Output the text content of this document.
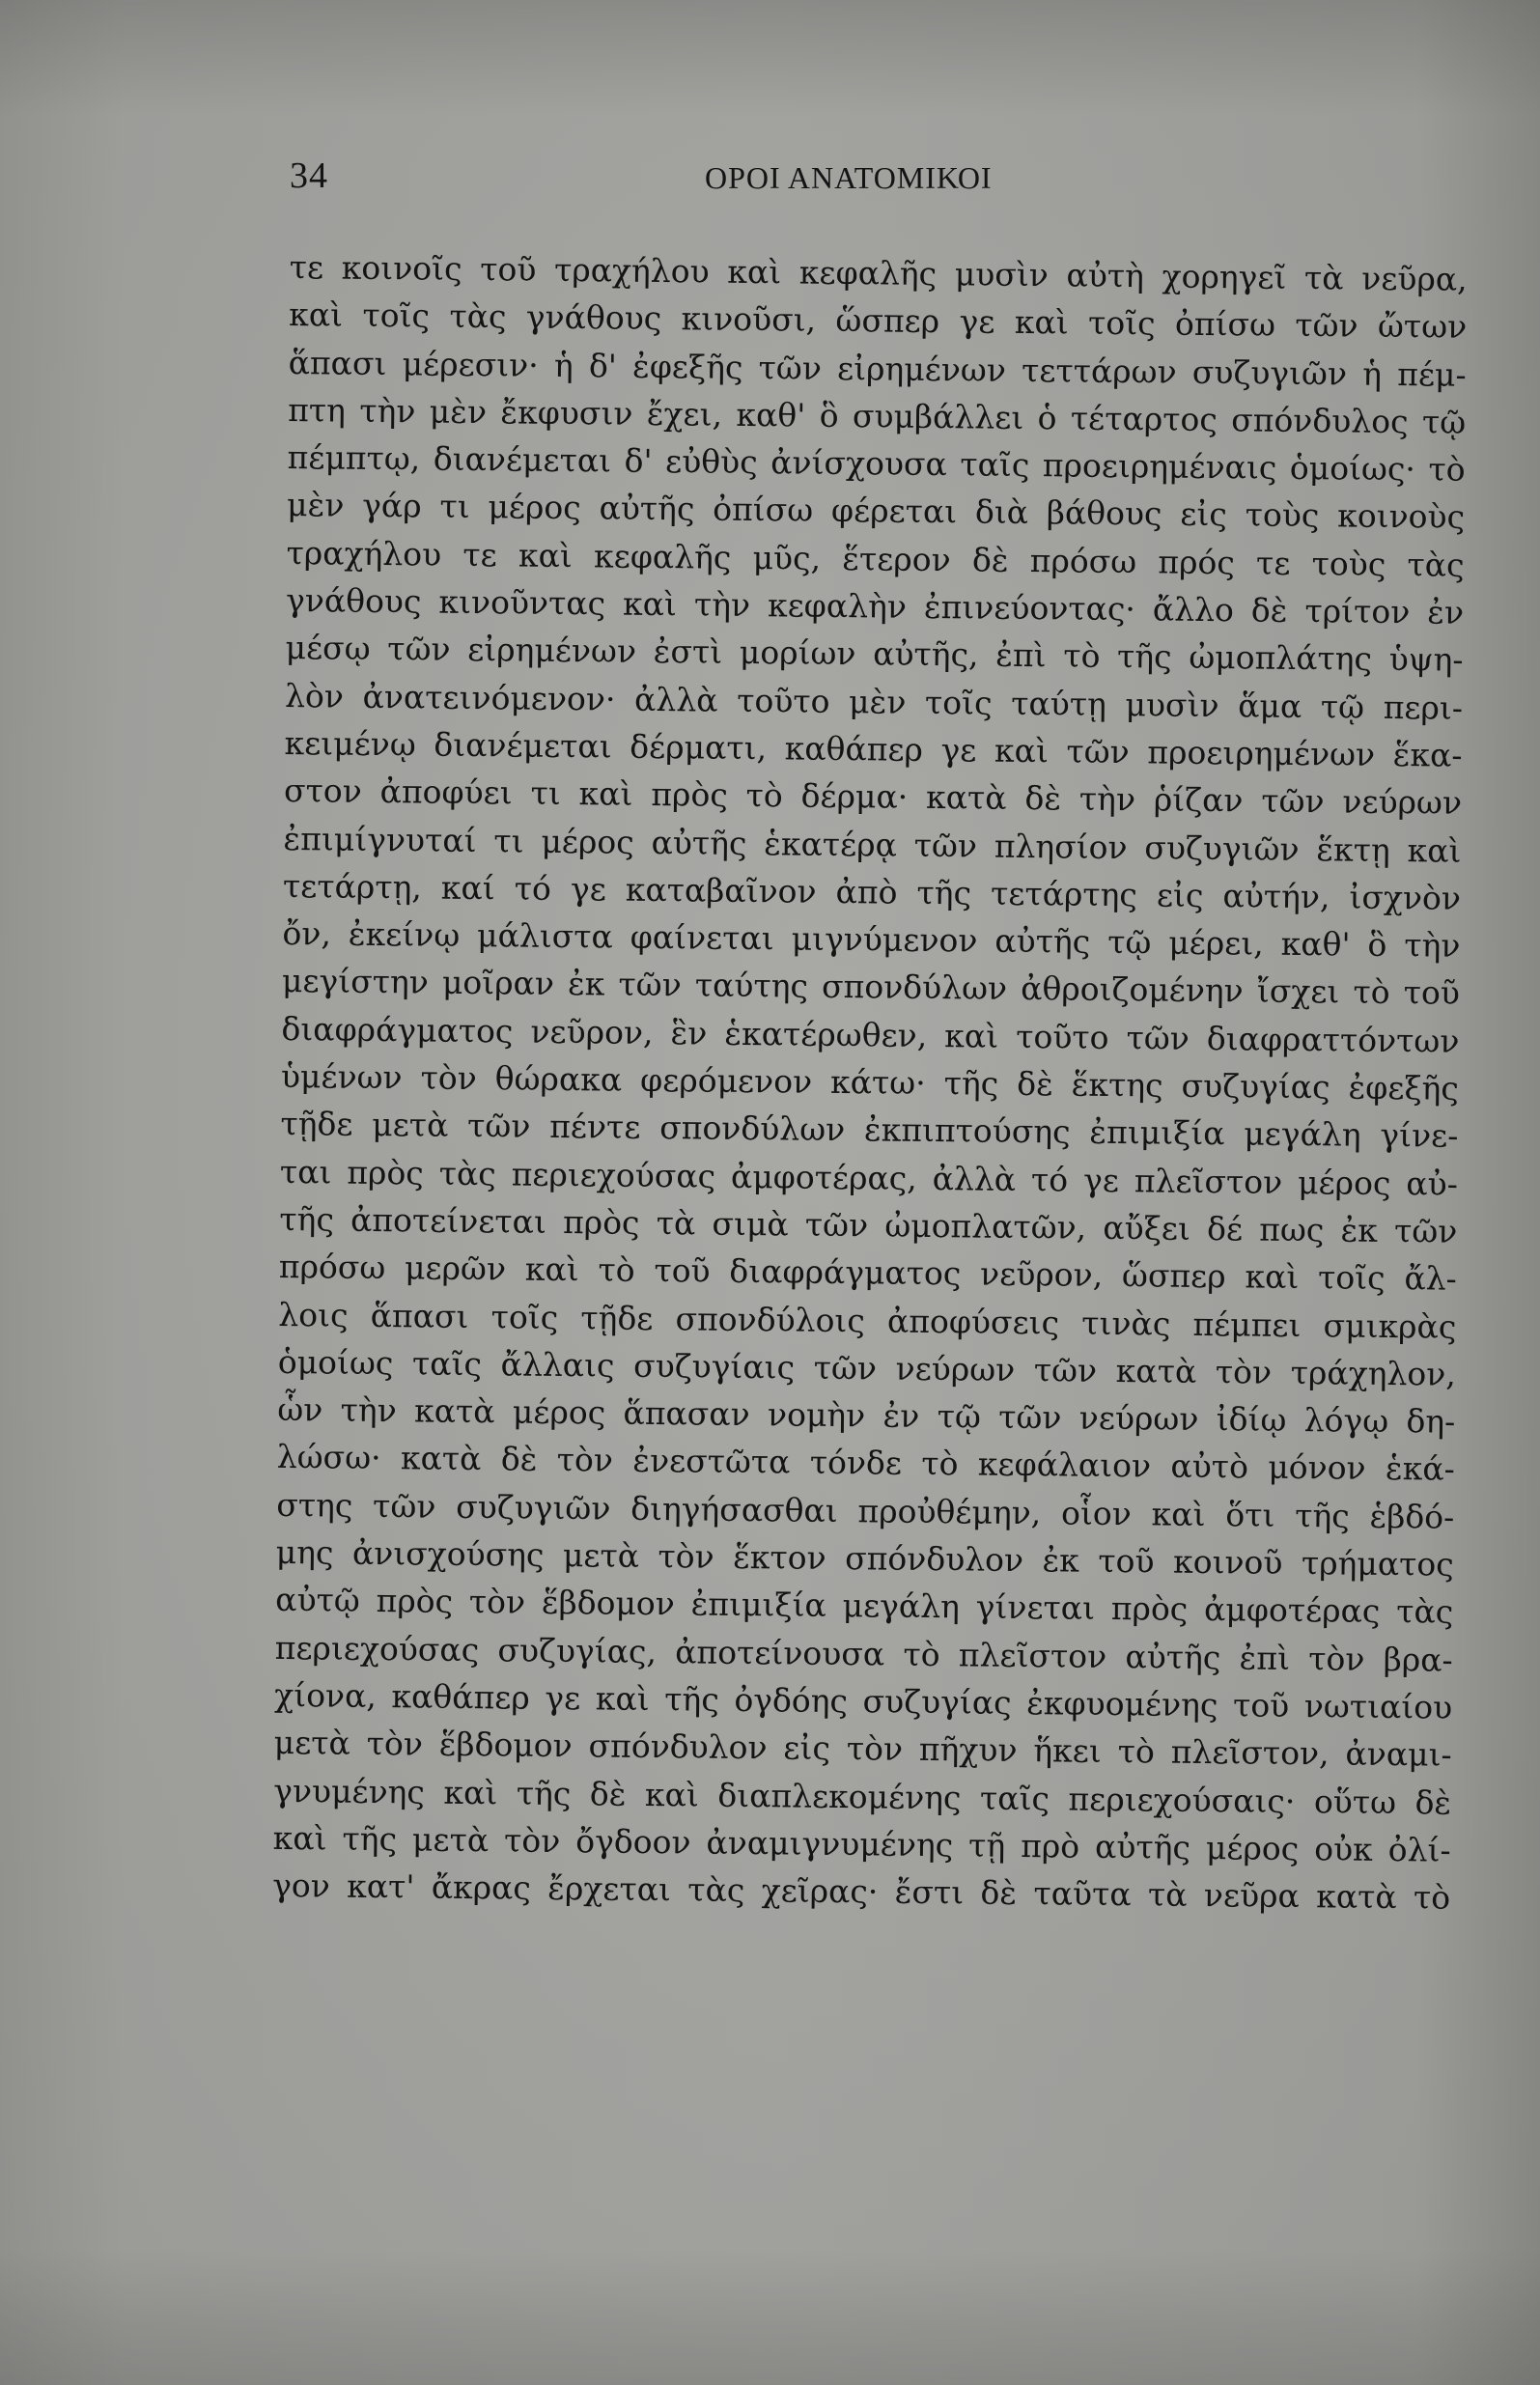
34	ΟΡΟΙ ΑΝΑΤΟΜΙΚΟΙ
τε κοινοῖς τοῦ τραχήλου καὶ κεφαλῆς μυσὶν αὐτὴ χορηγεῖ τὰ νεῦρα,
καὶ τοῖς τὰς γνάθους κινοῦσι, ὥσπερ γε καὶ τοῖς ὀπίσω τῶν ὤτων
ἅπασι μέρεσιν· ἡ δ' ἐφεξῆς τῶν εἰρημένων τεττάρων συζυγιῶν ἡ πέμ-
πτη τὴν μὲν ἔκφυσιν ἔχει, καθ' ὃ συμβάλλει ὁ τέταρτος σπόνδυλος τῷ
πέμπτῳ, διανέμεται δ' εὐθὺς ἀνίσχουσα ταῖς προειρημέναις ὁμοίως· τὸ
μὲν γάρ τι μέρος αὐτῆς ὀπίσω φέρεται διὰ βάθους εἰς τοὺς κοινοὺς
τραχήλου τε καὶ κεφαλῆς μῦς, ἕτερον δὲ πρόσω πρός τε τοὺς τὰς
γνάθους κινοῦντας καὶ τὴν κεφαλὴν ἐπινεύοντας· ἄλλο δὲ τρίτον ἐν
μέσῳ τῶν εἰρημένων ἐστὶ μορίων αὐτῆς, ἐπὶ τὸ τῆς ὠμοπλάτης ὑψη-
λὸν ἀνατεινόμενον· ἀλλὰ τοῦτο μὲν τοῖς ταύτῃ μυσὶν ἅμα τῷ περι-
κειμένῳ διανέμεται δέρματι, καθάπερ γε καὶ τῶν προειρημένων ἕκα-
στον ἀποφύει τι καὶ πρὸς τὸ δέρμα· κατὰ δὲ τὴν ῥίζαν τῶν νεύρων
ἐπιμίγνυταί τι μέρος αὐτῆς ἑκατέρᾳ τῶν πλησίον συζυγιῶν ἕκτῃ καὶ
τετάρτῃ, καί τό γε καταβαῖνον ἀπὸ τῆς τετάρτης εἰς αὐτήν, ἰσχνὸν
ὄν, ἐκείνῳ μάλιστα φαίνεται μιγνύμενον αὐτῆς τῷ μέρει, καθ' ὃ τὴν
μεγίστην μοῖραν ἐκ τῶν ταύτης σπονδύλων ἀθροιζομένην ἴσχει τὸ τοῦ
διαφράγματος νεῦρον, ἓν ἑκατέρωθεν, καὶ τοῦτο τῶν διαφραττόντων
ὑμένων τὸν θώρακα φερόμενον κάτω· τῆς δὲ ἕκτης συζυγίας ἐφεξῆς
τῇδε μετὰ τῶν πέντε σπονδύλων ἐκπιπτούσης ἐπιμιξία μεγάλη γίνε-
ται πρὸς τὰς περιεχούσας ἀμφοτέρας, ἀλλὰ τό γε πλεῖστον μέρος αὐ-
τῆς ἀποτείνεται πρὸς τὰ σιμὰ τῶν ὠμοπλατῶν, αὔξει δέ πως ἐκ τῶν
πρόσω μερῶν καὶ τὸ τοῦ διαφράγματος νεῦρον, ὥσπερ καὶ τοῖς ἄλ-
λοις ἅπασι τοῖς τῇδε σπονδύλοις ἀποφύσεις τινὰς πέμπει σμικρὰς
ὁμοίως ταῖς ἄλλαις συζυγίαις τῶν νεύρων τῶν κατὰ τὸν τράχηλον,
ὧν τὴν κατὰ μέρος ἅπασαν νομὴν ἐν τῷ τῶν νεύρων ἰδίῳ λόγῳ δη-
λώσω· κατὰ δὲ τὸν ἐνεστῶτα τόνδε τὸ κεφάλαιον αὐτὸ μόνον ἑκά-
στης τῶν συζυγιῶν διηγήσασθαι προὐθέμην, οἷον καὶ ὅτι τῆς ἑβδό-
μης ἀνισχούσης μετὰ τὸν ἕκτον σπόνδυλον ἐκ τοῦ κοινοῦ τρήματος
αὐτῷ πρὸς τὸν ἕβδομον ἐπιμιξία μεγάλη γίνεται πρὸς ἀμφοτέρας τὰς
περιεχούσας συζυγίας, ἀποτείνουσα τὸ πλεῖστον αὐτῆς ἐπὶ τὸν βρα-
χίονα, καθάπερ γε καὶ τῆς ὀγδόης συζυγίας ἐκφυομένης τοῦ νωτιαίου
μετὰ τὸν ἕβδομον σπόνδυλον εἰς τὸν πῆχυν ἥκει τὸ πλεῖστον, ἀναμι-
γνυμένης καὶ τῆς δὲ καὶ διαπλεκομένης ταῖς περιεχούσαις· οὕτω δὲ
καὶ τῆς μετὰ τὸν ὄγδοον ἀναμιγνυμένης τῇ πρὸ αὐτῆς μέρος οὐκ ὀλί-
γον κατ' ἄκρας ἔρχεται τὰς χεῖρας· ἔστι δὲ ταῦτα τὰ νεῦρα κατὰ τὸ
